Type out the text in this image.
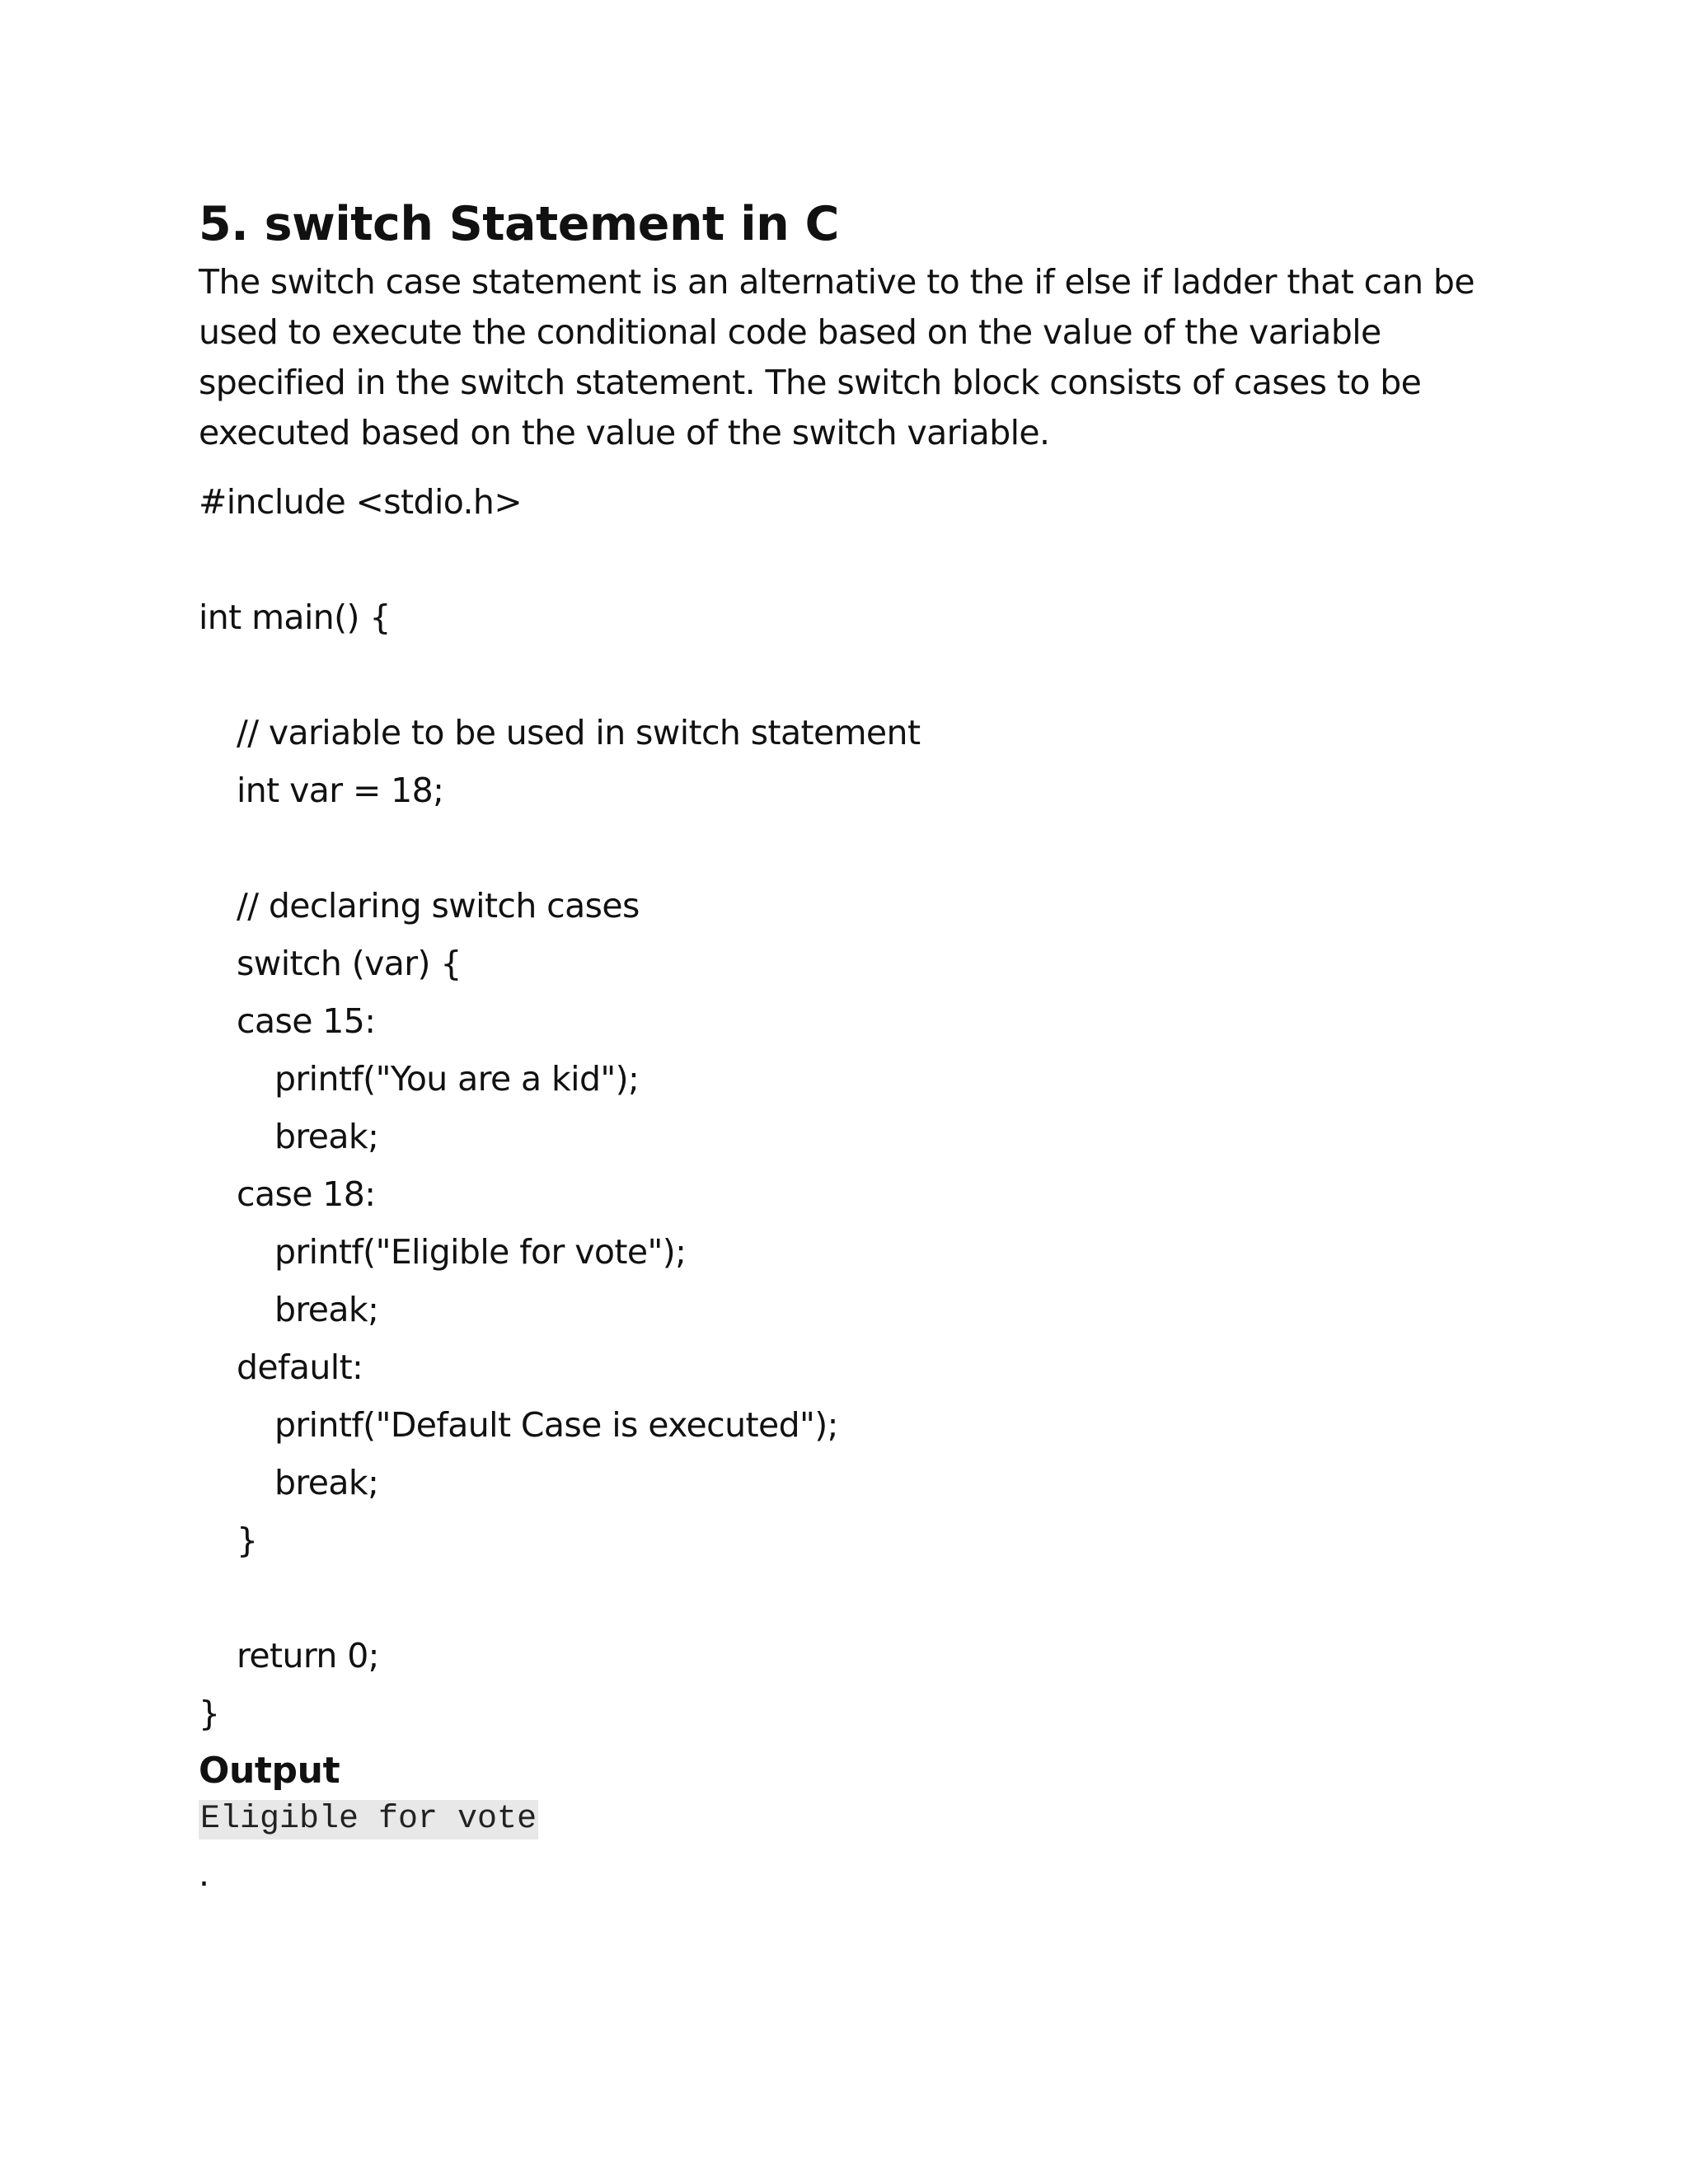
5. switch Statement in C
The switch case statement is an alternative to the if else if ladder that can be
used to execute the conditional code based on the value of the variable
specified in the switch statement. The switch block consists of cases to be
executed based on the value of the switch variable.
#include <stdio.h>
int main() {
// variable to be used in switch statement
int var = 18;
// declaring switch cases
switch (var) {
case 15:
printf("You are a kid");
break;
case 18:
printf("Eligible for vote");
break;
default:
printf("Default Case is executed");
break;
}
return 0;
}
Output
Eligible for vote
.
